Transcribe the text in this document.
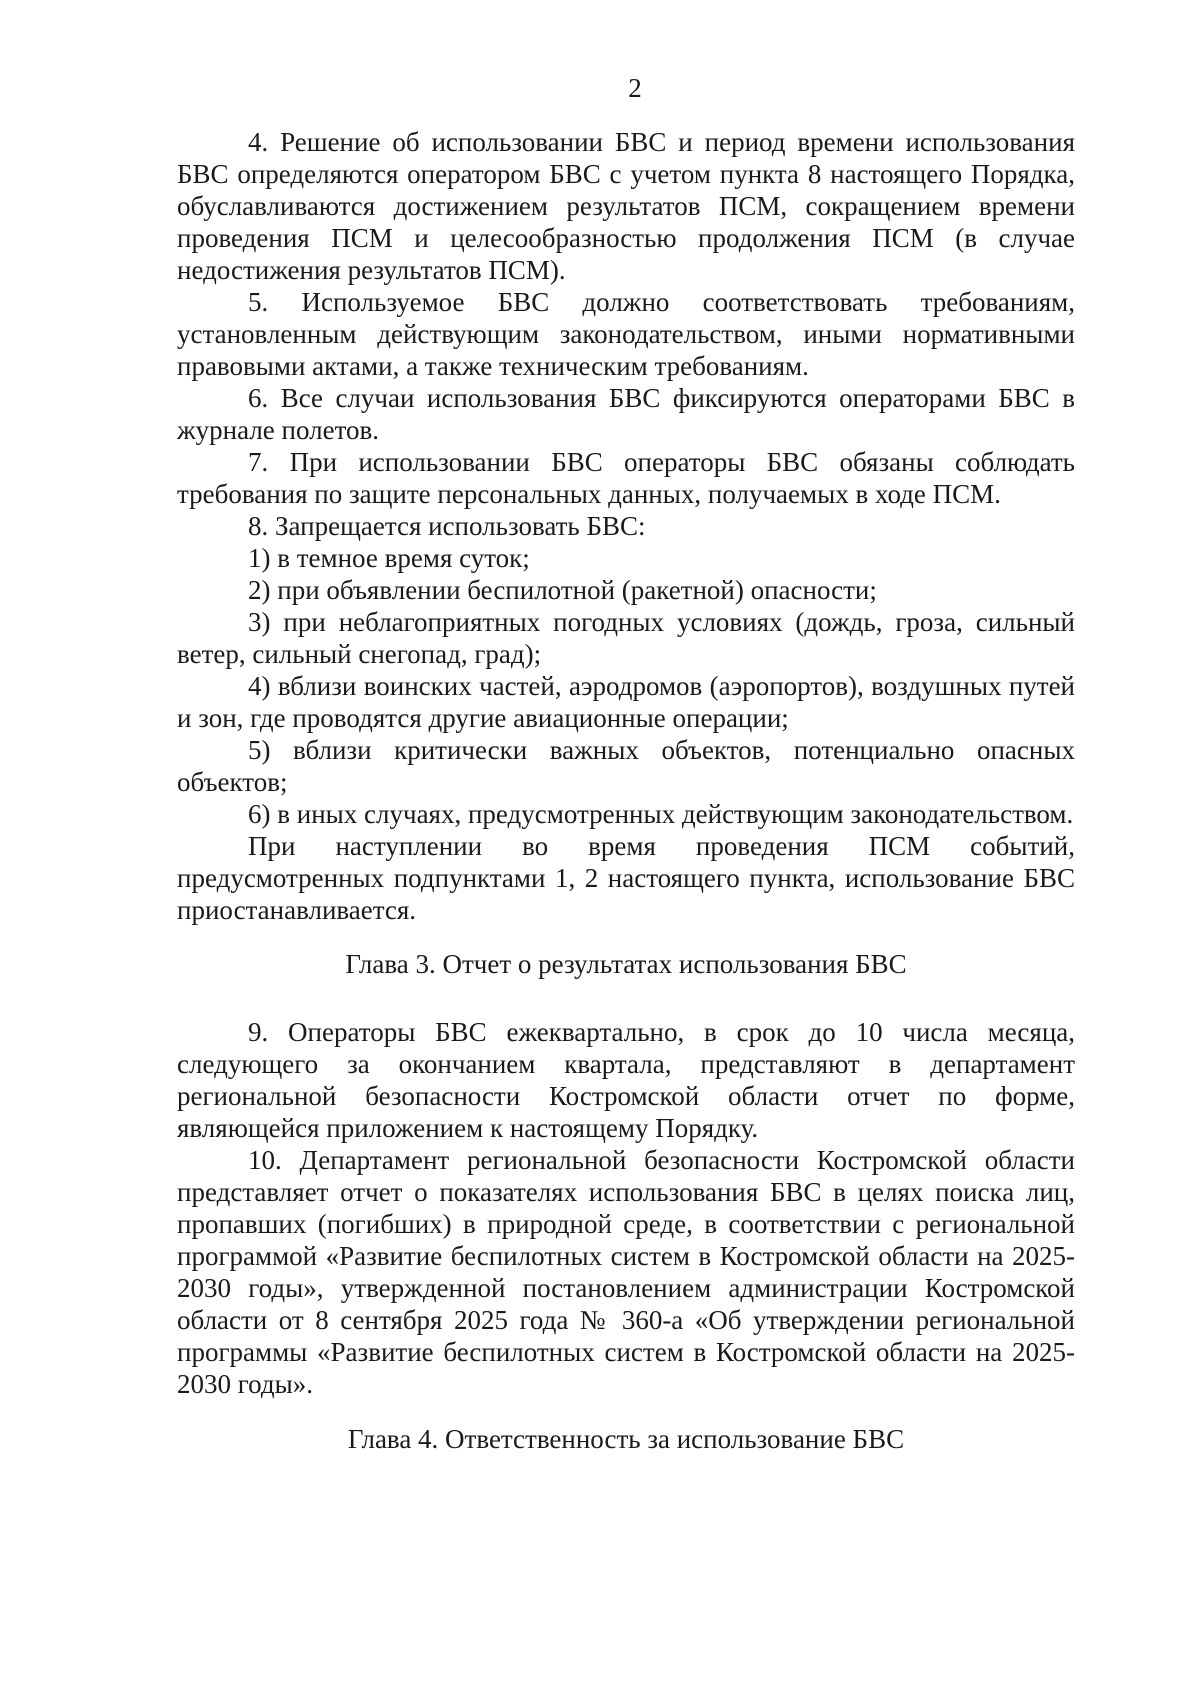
2

4. Решение об использовании БВС и период времени использования БВС определяются оператором БВС с учетом пункта 8 настоящего Порядка, обуславливаются достижением результатов ПСМ, сокращением времени проведения ПСМ и целесообразностью продолжения ПСМ (в случае недостижения результатов ПСМ).

5. Используемое БВС должно соответствовать требованиям, установленным действующим законодательством, иными нормативными правовыми актами, а также техническим требованиям.

6. Все случаи использования БВС фиксируются операторами БВС в журнале полетов.

7. При использовании БВС операторы БВС обязаны соблюдать требования по защите персональных данных, получаемых в ходе ПСМ.

8. Запрещается использовать БВС:

1) в темное время суток;

2) при объявлении беспилотной (ракетной) опасности;

3) при неблагоприятных погодных условиях (дождь, гроза, сильный ветер, сильный снегопад, град);

4) вблизи воинских частей, аэродромов (аэропортов), воздушных путей и зон, где проводятся другие авиационные операции;

5) вблизи критически важных объектов, потенциально опасных объектов;

6) в иных случаях, предусмотренных действующим законодательством.

При наступлении во время проведения ПСМ событий, предусмотренных подпунктами 1, 2 настоящего пункта, использование БВС приостанавливается.

Глава 3. Отчет о результатах использования БВС

9. Операторы БВС ежеквартально, в срок до 10 числа месяца, следующего за окончанием квартала, представляют в департамент региональной безопасности Костромской области отчет по форме, являющейся приложением к настоящему Порядку.

10. Департамент региональной безопасности Костромской области представляет отчет о показателях использования БВС в целях поиска лиц, пропавших (погибших) в природной среде, в соответствии с региональной программой «Развитие беспилотных систем в Костромской области на 2025-2030 годы», утвержденной постановлением администрации Костромской области от 8 сентября 2025 года № 360-а «Об утверждении региональной программы «Развитие беспилотных систем в Костромской области на 2025-2030 годы».

Глава 4. Ответственность за использование БВС
